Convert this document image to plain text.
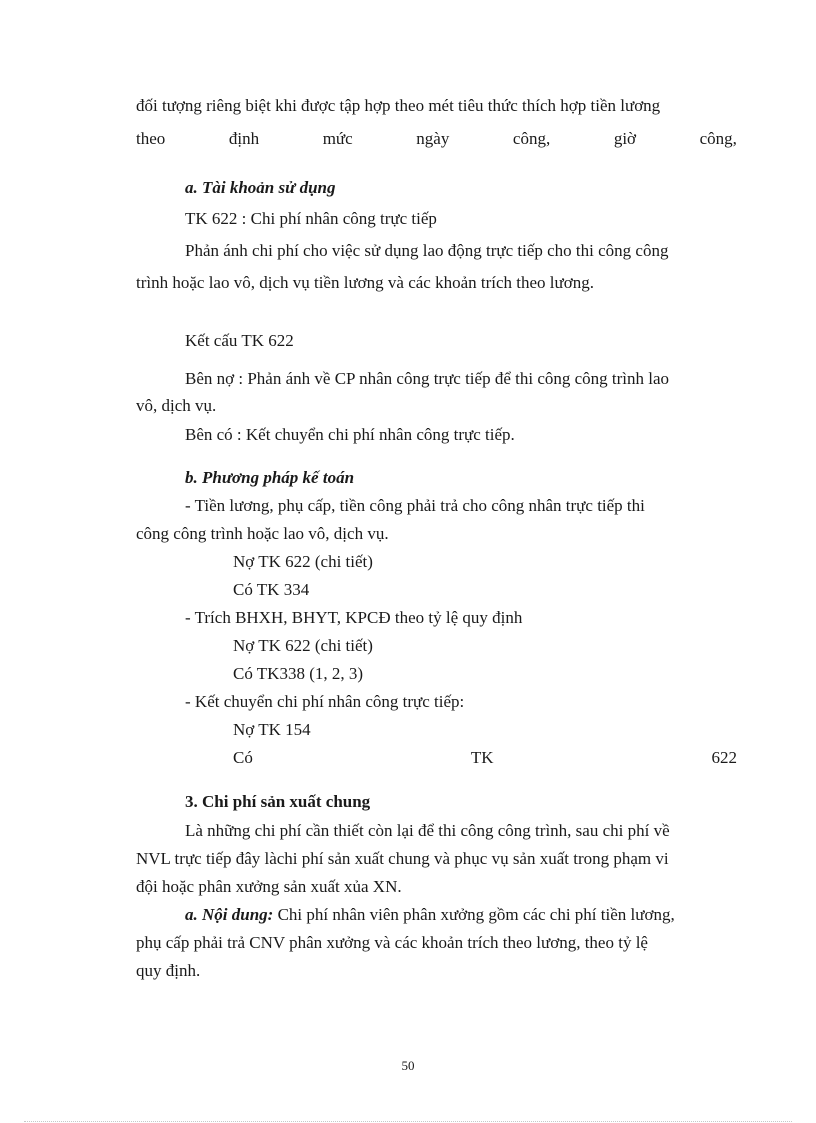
đối tượng riêng biệt khi được tập hợp theo mét tiêu thức thích hợp tiền lương
theo	định	mức	ngày	công,	giờ	công,
a. Tài khoản sử dụng
TK 622 : Chi phí nhân công trực tiếp
Phản ánh chi phí cho việc sử dụng lao động trực tiếp cho thi công công
trình hoặc lao vô, dịch vụ tiền lương và các khoản trích theo lương.
Kết cấu TK 622
Bên nợ : Phản ánh về CP nhân công trực tiếp để thi công công trình lao
vô, dịch vụ.
Bên có : Kết chuyển chi phí nhân công trực tiếp.
b. Phương pháp kế toán
- Tiền lương, phụ cấp, tiền công phải trả cho công nhân trực tiếp thi
công công trình hoặc lao vô, dịch vụ.
Nợ TK 622 (chi tiết)
Có TK 334
- Trích BHXH, BHYT, KPCĐ theo tỷ lệ quy định
Nợ TK 622 (chi tiết)
Có TK338 (1, 2, 3)
- Kết chuyển chi phí nhân công trực tiếp:
Nợ TK 154
Có	TK	622
3. Chi phí sản xuất chung
Là những chi phí cần thiết còn lại để thi công công trình, sau chi phí về
NVL trực tiếp đây làchi phí sản xuất chung và phục vụ sản xuất trong phạm vi
đội hoặc phân xưởng sản xuất xủa XN.
a. Nội dung: Chi phí nhân viên phân xưởng gồm các chi phí tiền lương,
phụ cấp phải trả CNV phân xưởng và các khoản trích theo lương, theo tỷ lệ
quy định.
50
